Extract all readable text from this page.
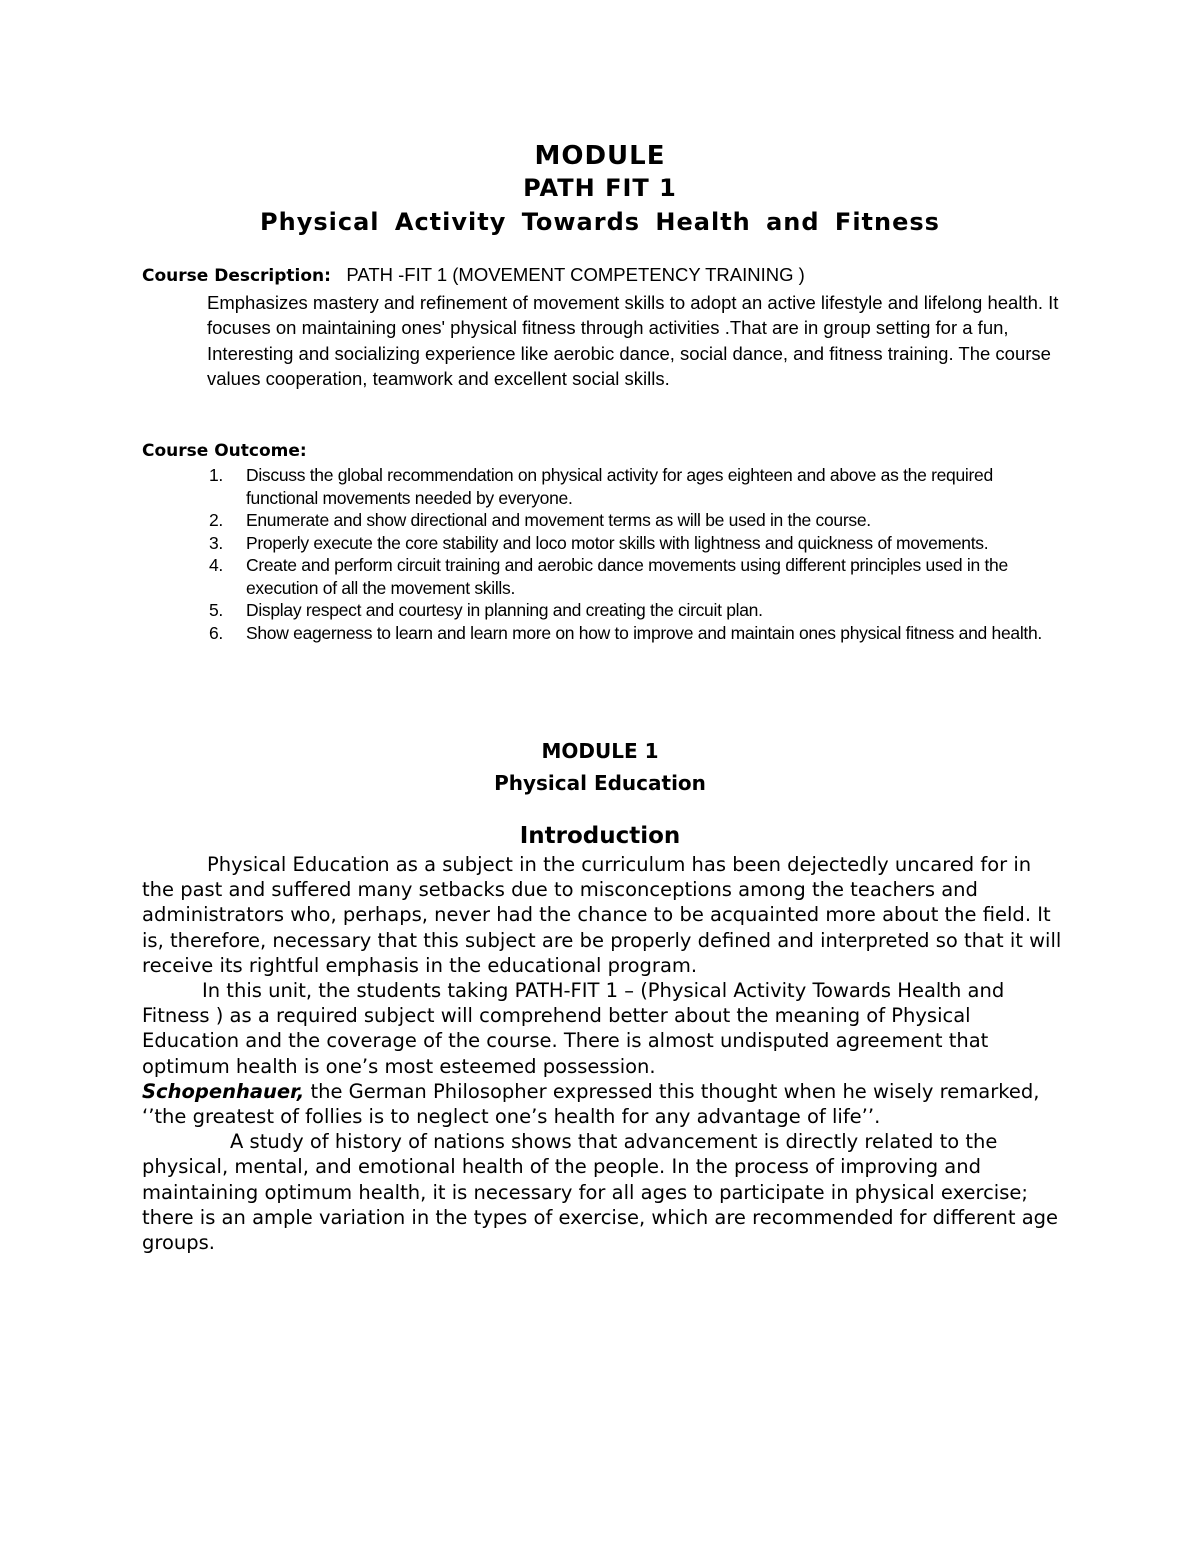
MODULE
PATH FIT 1
Physical Activity Towards Health and Fitness
Course Description: PATH -FIT 1 (MOVEMENT COMPETENCY TRAINING )
Emphasizes mastery and refinement of movement skills to adopt an active lifestyle and lifelong health. It focuses on maintaining ones' physical fitness through activities .That are in group setting for a fun, Interesting and socializing experience like aerobic dance, social dance, and fitness training. The course values cooperation, teamwork and excellent social skills.
Course Outcome:
1. Discuss the global recommendation on physical activity for ages eighteen and above as the required functional movements needed by everyone.
2. Enumerate and show directional and movement terms as will be used in the course.
3. Properly execute the core stability and loco motor skills with lightness and quickness of movements.
4. Create and perform circuit training and aerobic dance movements using different principles used in the execution of all the movement skills.
5. Display respect and courtesy in planning and creating the circuit plan.
6. Show eagerness to learn and learn more on how to improve and maintain ones physical fitness and health.
MODULE 1
Physical Education
Introduction

Physical Education as a subject in the curriculum has been dejectedly uncared for in the past and suffered many setbacks due to misconceptions among the teachers and administrators who, perhaps, never had the chance to be acquainted more about the field. It is, therefore, necessary that this subject are be properly defined and interpreted so that it will receive its rightful emphasis in the educational program.

In this unit, the students taking PATH-FIT 1 – (Physical Activity Towards Health and Fitness ) as a required subject will comprehend better about the meaning of Physical Education and the coverage of the course. There is almost undisputed agreement that optimum health is one’s most esteemed possession.
Schopenhauer, the German Philosopher expressed this thought when he wisely remarked, ‘’the greatest of follies is to neglect one’s health for any advantage of life’’.

A study of history of nations shows that advancement is directly related to the physical, mental, and emotional health of the people. In the process of improving and maintaining optimum health, it is necessary for all ages to participate in physical exercise; there is an ample variation in the types of exercise, which are recommended for different age groups.
